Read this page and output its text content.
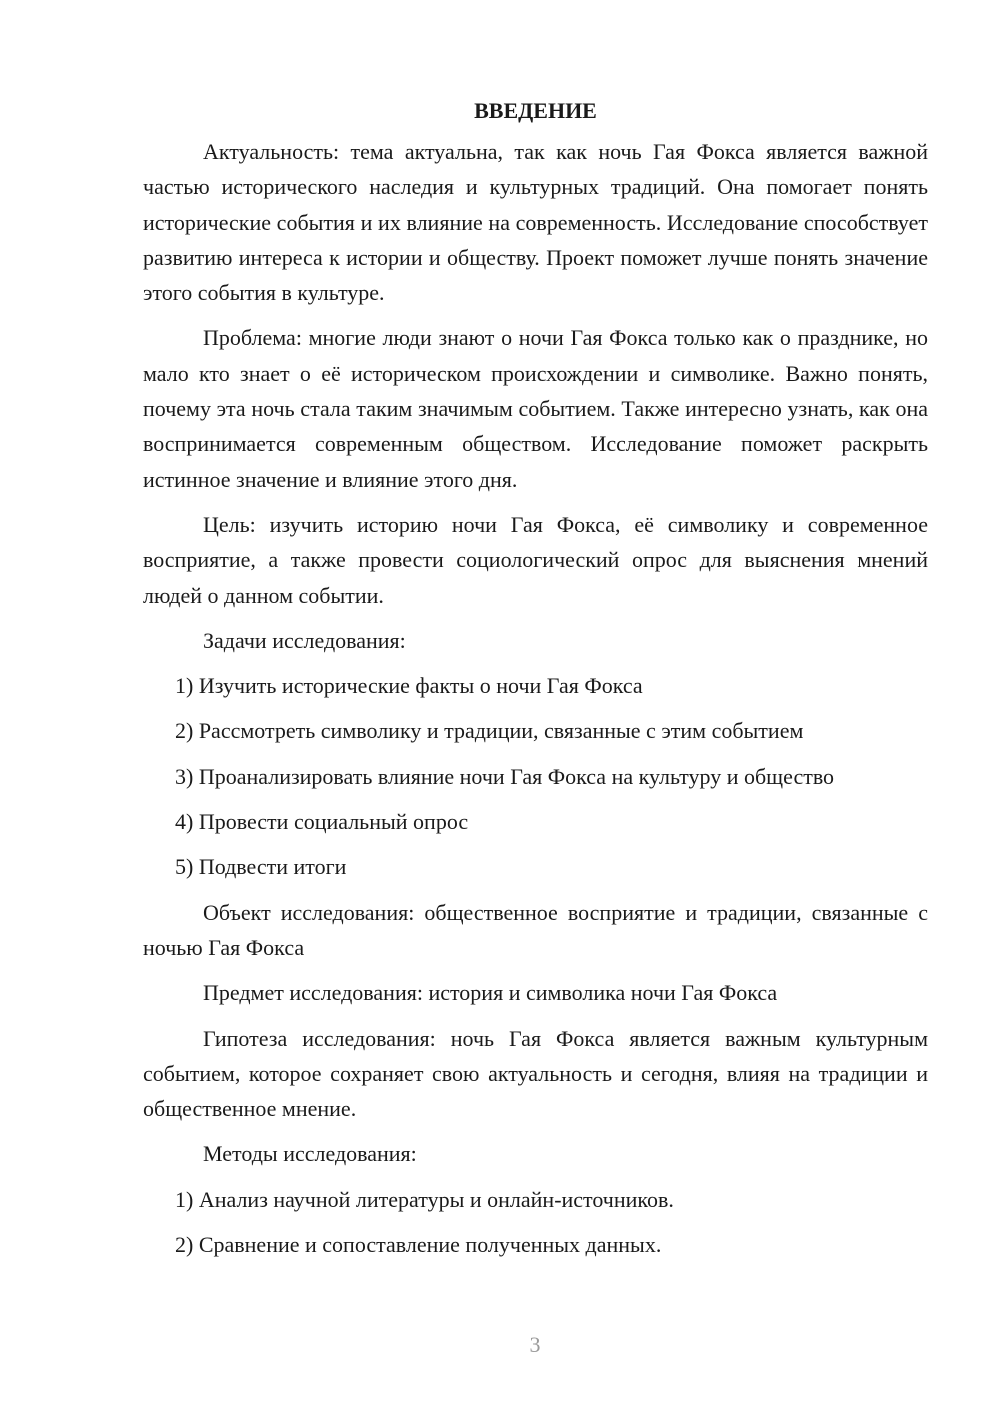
ВВЕДЕНИЕ

Актуальность: тема актуальна, так как ночь Гая Фокса является важной частью исторического наследия и культурных традиций. Она помогает понять исторические события и их влияние на современность. Исследование способствует развитию интереса к истории и обществу. Проект поможет лучше понять значение этого события в культуре.

Проблема: многие люди знают о ночи Гая Фокса только как о празднике, но мало кто знает о её историческом происхождении и символике. Важно понять, почему эта ночь стала таким значимым событием. Также интересно узнать, как она воспринимается современным обществом. Исследование поможет раскрыть истинное значение и влияние этого дня.

Цель: изучить историю ночи Гая Фокса, её символику и современное восприятие, а также провести социологический опрос для выяснения мнений людей о данном событии.

Задачи исследования:

1) Изучить исторические факты о ночи Гая Фокса

2) Рассмотреть символику и традиции, связанные с этим событием

3) Проанализировать влияние ночи Гая Фокса на культуру и общество

4) Провести социальный опрос

5) Подвести итоги

Объект исследования: общественное восприятие и традиции, связанные с ночью Гая Фокса

Предмет исследования: история и символика ночи Гая Фокса

Гипотеза исследования: ночь Гая Фокса является важным культурным событием, которое сохраняет свою актуальность и сегодня, влияя на традиции и общественное мнение.

Методы исследования:

1) Анализ научной литературы и онлайн-источников.

2) Сравнение и сопоставление полученных данных.

3
